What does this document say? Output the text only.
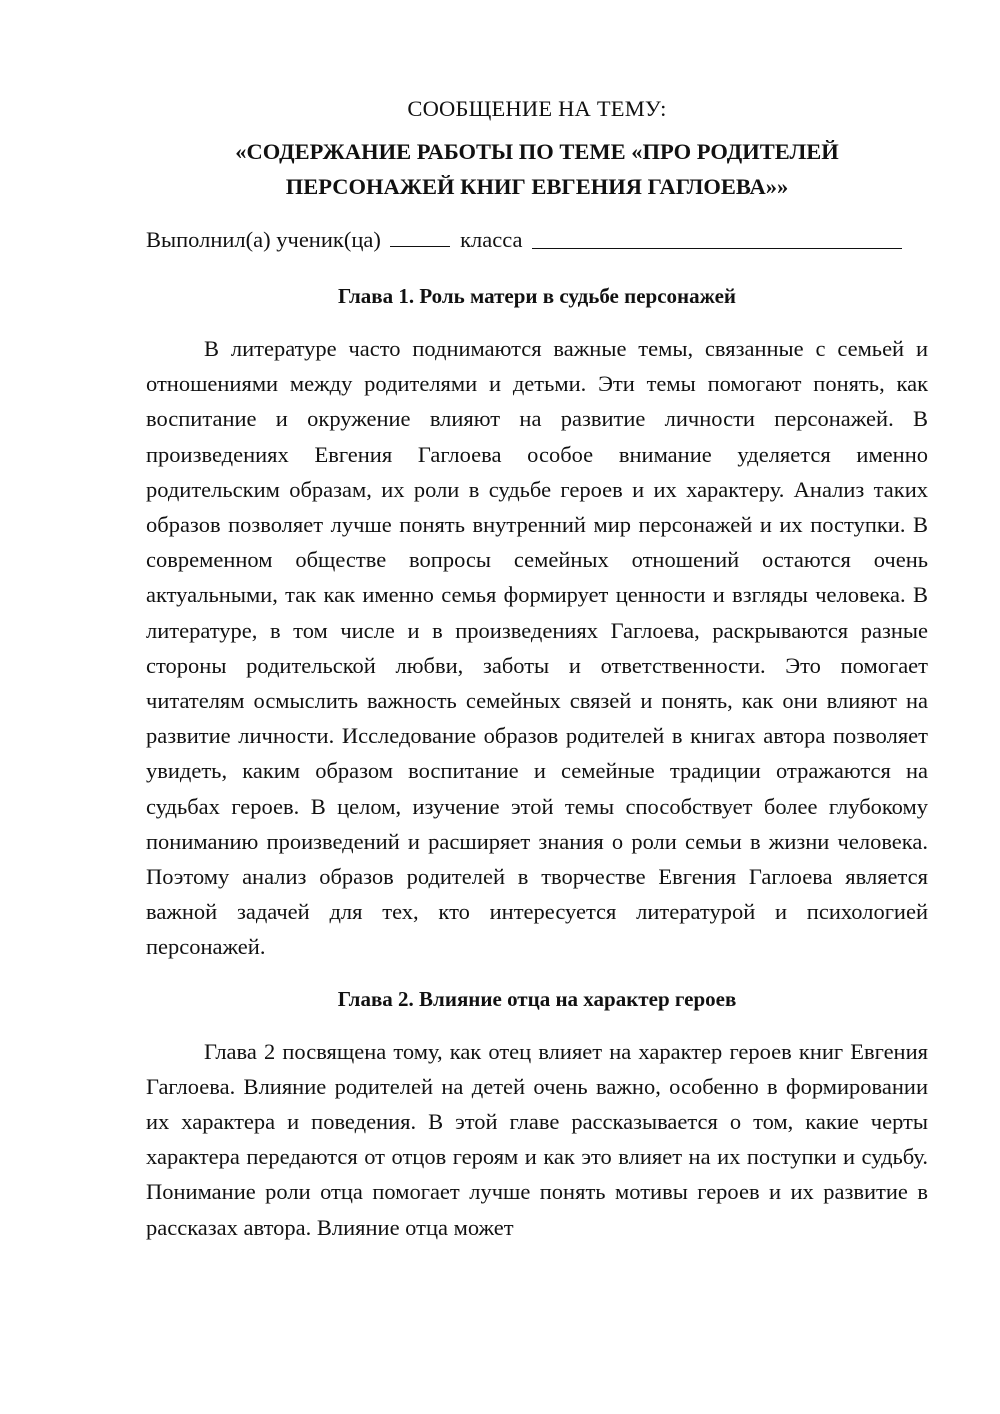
СООБЩЕНИЕ НА ТЕМУ:
«СОДЕРЖАНИЕ РАБОТЫ ПО ТЕМЕ «ПРО РОДИТЕЛЕЙ
ПЕРСОНАЖЕЙ КНИГ ЕВГЕНИЯ ГАГЛОЕВА»»
Выполнил(а) ученик(ца)	класса
Глава 1. Роль матери в судьбе персонажей

В литературе часто поднимаются важные темы, связанные с семьей и отношениями между родителями и детьми. Эти темы помогают понять, как воспитание и окружение влияют на развитие личности персонажей. В произведениях Евгения Гаглоева особое внимание уделяется именно родительским образам, их роли в судьбе героев и их характеру. Анализ таких образов позволяет лучше понять внутренний мир персонажей и их поступки. В современном обществе вопросы семейных отношений остаются очень актуальными, так как именно семья формирует ценности и взгляды человека. В литературе, в том числе и в произведениях Гаглоева, раскрываются разные стороны родительской любви, заботы и ответственности. Это помогает читателям осмыслить важность семейных связей и понять, как они влияют на развитие личности. Исследование образов родителей в книгах автора позволяет увидеть, каким образом воспитание и семейные традиции отражаются на судьбах героев. В целом, изучение этой темы способствует более глубокому пониманию произведений и расширяет знания о роли семьи в жизни человека. Поэтому анализ образов родителей в творчестве Евгения Гаглоева является важной задачей для тех, кто интересуется литературой и психологией персонажей.

Глава 2. Влияние отца на характер героев

Глава 2 посвящена тому, как отец влияет на характер героев книг Евгения Гаглоева. Влияние родителей на детей очень важно, особенно в формировании их характера и поведения. В этой главе рассказывается о том, какие черты характера передаются от отцов героям и как это влияет на их поступки и судьбу. Понимание роли отца помогает лучше понять мотивы героев и их развитие в рассказах автора. Влияние отца может
